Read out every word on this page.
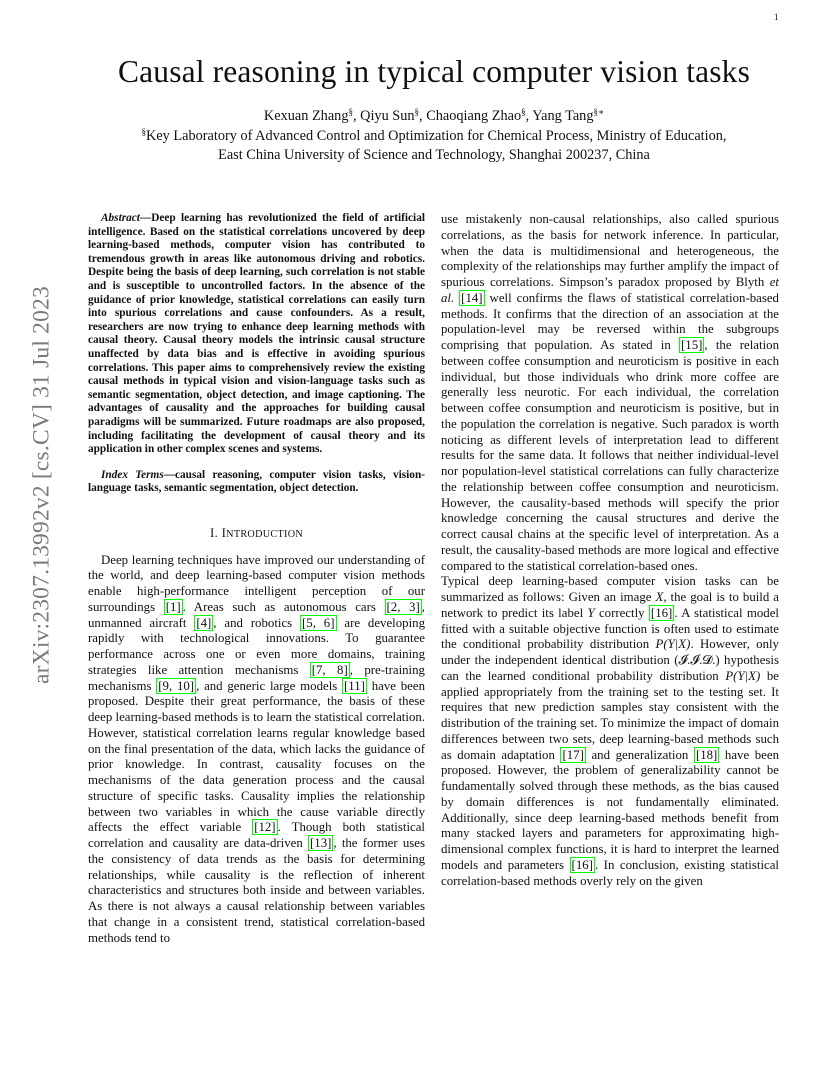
1
arXiv:2307.13992v2 [cs.CV] 31 Jul 2023
Causal reasoning in typical computer vision tasks
Kexuan Zhang§, Qiyu Sun§, Chaoqiang Zhao§, Yang Tang§∗
§Key Laboratory of Advanced Control and Optimization for Chemical Process, Ministry of Education,
East China University of Science and Technology, Shanghai 200237, China

Abstract—Deep learning has revolutionized the field of artificial intelligence. Based on the statistical correlations uncovered by deep learning-based methods, computer vision has contributed to tremendous growth in areas like autonomous driving and robotics. Despite being the basis of deep learning, such correlation is not stable and is susceptible to uncontrolled factors. In the absence of the guidance of prior knowledge, statistical correlations can easily turn into spurious correlations and cause confounders. As a result, researchers are now trying to enhance deep learning methods with causal theory. Causal theory models the intrinsic causal structure unaffected by data bias and is effective in avoiding spurious correlations. This paper aims to comprehensively review the existing causal methods in typical vision and vision-language tasks such as semantic segmentation, object detection, and image captioning. The advantages of causality and the approaches for building causal paradigms will be summarized. Future roadmaps are also proposed, including facilitating the development of causal theory and its application in other complex scenes and systems.

Index Terms—causal reasoning, computer vision tasks, vision-language tasks, semantic segmentation, object detection.

I. INTRODUCTION

Deep learning techniques have improved our understanding of the world, and deep learning-based computer vision methods enable high-performance intelligent perception of our surroundings [1] . Areas such as autonomous cars [2, 3] , unmanned aircraft [4] , and robotics [5, 6] are developing rapidly with technological innovations. To guarantee performance across one or even more domains, training strategies like attention mechanisms [7, 8] , pre-training mechanisms [9, 10] , and generic large models [11] have been proposed. Despite their great performance, the basis of these deep learning-based methods is to learn the statistical correlation. However, statistical correlation learns regular knowledge based on the final presentation of the data, which lacks the guidance of prior knowledge. In contrast, causality focuses on the mechanisms of the data generation process and the causal structure of specific tasks. Causality implies the relationship between two variables in which the cause variable directly affects the effect variable [12] . Though both statistical correlation and causality are data-driven [13] , the former uses the consistency of data trends as the basis for determining relationships, while causality is the reflection of inherent characteristics and structures both inside and between variables. As there is not always a causal relationship between variables that change in a consistent trend, statistical correlation-based methods tend to

use mistakenly non-causal relationships, also called spurious correlations, as the basis for network inference. In particular, when the data is multidimensional and heterogeneous, the complexity of the relationships may further amplify the impact of spurious correlations. Simpson’s paradox proposed by Blyth et al. [14] well confirms the flaws of statistical correlation-based methods. It confirms that the direction of an association at the population-level may be reversed within the subgroups comprising that population. As stated in [15] , the relation between coffee consumption and neuroticism is positive in each individual, but those individuals who drink more coffee are generally less neurotic. For each individual, the correlation between coffee consumption and neuroticism is positive, but in the population the correlation is negative. Such paradox is worth noticing as different levels of interpretation lead to different results for the same data. It follows that neither individual-level nor population-level statistical correlations can fully characterize the relationship between coffee consumption and neuroticism. However, the causality-based methods will specify the prior knowledge concerning the causal structures and derive the correct causal chains at the specific level of interpretation. As a result, the causality-based methods are more logical and effective compared to the statistical correlation-based ones.

Typical deep learning-based computer vision tasks can be summarized as follows: Given an image X, the goal is to build a network to predict its label Y correctly [16] . A statistical model fitted with a suitable objective function is often used to estimate the conditional probability distribution P(Y|X). However, only under the independent identical distribution (𝓘.𝓘.𝓓.) hypothesis can the learned conditional probability distribution P(Y|X) be applied appropriately from the training set to the testing set. It requires that new prediction samples stay consistent with the distribution of the training set. To minimize the impact of domain differences between two sets, deep learning-based methods such as domain adaptation [17] and generalization [18] have been proposed. However, the problem of generalizability cannot be fundamentally solved through these methods, as the bias caused by domain differences is not fundamentally eliminated. Additionally, since deep learning-based methods benefit from many stacked layers and parameters for approximating high-dimensional complex functions, it is hard to interpret the learned models and parameters [16] . In conclusion, existing statistical correlation-based methods overly rely on the given
